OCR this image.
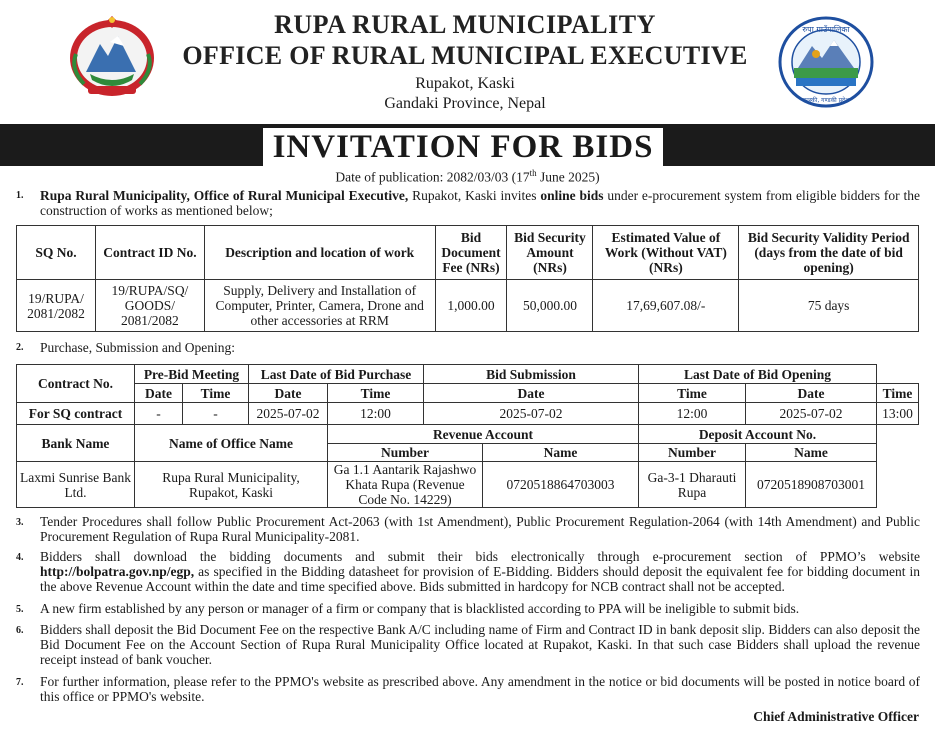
RUPA RURAL MUNICIPALITY
OFFICE OF RURAL MUNICIPAL EXECUTIVE
Rupakot, Kaski
Gandaki Province, Nepal
रुपा गाउँपालिका
कास्की, गण्डकी प्रदेश
INVITATION FOR BIDS
Date of publication: 2082/03/03 (17th June 2025)
1. Rupa Rural Municipality, Office of Rural Municipal Executive, Rupakot, Kaski invites online bids under e-procurement system from eligible bidders for the construction of works as mentioned below;
SQ No.	Contract ID No.	Description and location of work	Bid Document Fee (NRs)	Bid Security Amount (NRs)	Estimated Value of Work (Without VAT) (NRs)	Bid Security Validity Period (days from the date of bid opening)
19/RUPA/ 2081/2082	19/RUPA/SQ/ GOODS/ 2081/2082	Supply, Delivery and Installation of Computer, Printer, Camera, Drone and other accessories at RRM	1,000.00	50,000.00	17,69,607.08/-	75 days
2. Purchase, Submission and Opening:
Contract No.	Pre-Bid Meeting		Last Date of Bid Purchase		Bid Submission		Last Date of Bid Opening		
	Date	Time	Date	Time	Date		Time	Date	Time
For SQ contract	-	-	2025-07-02	12:00	2025-07-02		12:00	2025-07-02	13:00
Bank Name	Name of Office Name			Revenue Account			Deposit Account No.		
				Number		Name	Number	Name	
Laxmi Sunrise Bank Ltd.	Rupa Rural Municipality, Rupakot, Kaski			Ga 1.1 Aantarik Rajashwo Khata Rupa (Revenue Code No. 14229)		0720518864703003	Ga-3-1 Dharauti Rupa	0720518908703001	
3. Tender Procedures shall follow Public Procurement Act-2063 (with 1st Amendment), Public Procurement Regulation-2064 (with 14th Amendment) and Public Procurement Regulation of Rupa Rural Municipality-2081.
4. Bidders shall download the bidding documents and submit their bids electronically through e-procurement section of PPMO’s website http://bolpatra.gov.np/egp, as specified in the Bidding datasheet for provision of E-Bidding. Bidders should deposit the equivalent fee for bidding document in the above Revenue Account within the date and time specified above. Bids submitted in hardcopy for NCB contract shall not be accepted.
5. A new firm established by any person or manager of a firm or company that is blacklisted according to PPA will be ineligible to submit bids.
6. Bidders shall deposit the Bid Document Fee on the respective Bank A/C including name of Firm and Contract ID in bank deposit slip. Bidders can also deposit the Bid Document Fee on the Account Section of Rupa Rural Municipality Office located at Rupakot, Kaski. In that such case Bidders shall upload the revenue receipt instead of bank voucher.
7. For further information, please refer to the PPMO's website as prescribed above. Any amendment in the notice or bid documents will be posted in notice board of this office or PPMO's website.
Chief Administrative Officer
